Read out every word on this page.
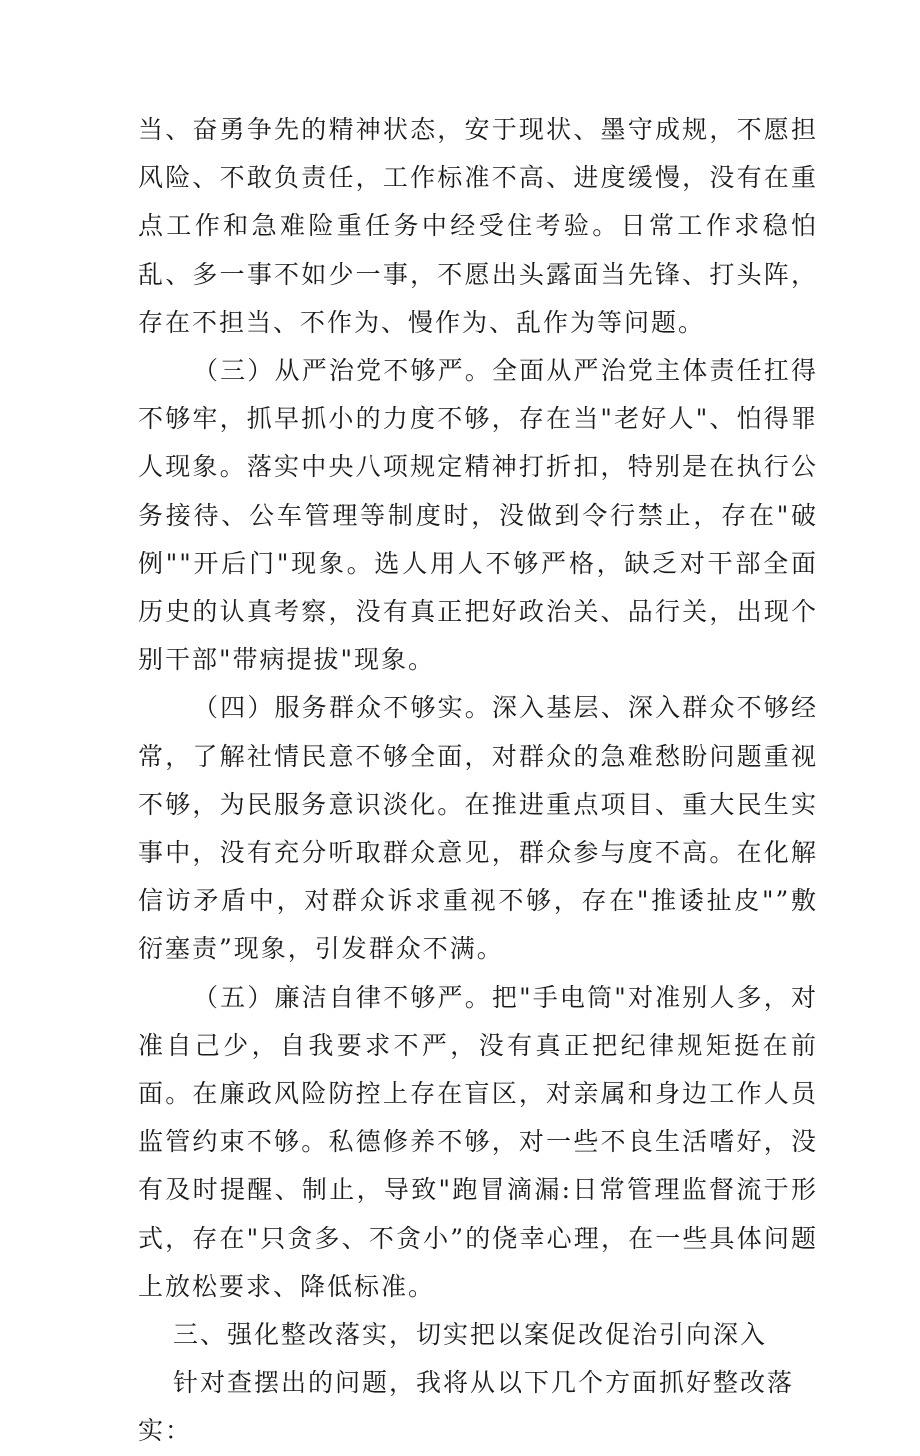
当、奋勇争先的精神状态，安于现状、墨守成规，不愿担风险、不敢负责任，工作标准不高、进度缓慢，没有在重点工作和急难险重任务中经受住考验。日常工作求稳怕乱、多一事不如少一事，不愿出头露面当先锋、打头阵，存在不担当、不作为、慢作为、乱作为等问题。

（三）从严治党不够严。全面从严治党主体责任扛得不够牢，抓早抓小的力度不够，存在当"老好人"、怕得罪人现象。落实中央八项规定精神打折扣，特别是在执行公务接待、公车管理等制度时，没做到令行禁止，存在"破例""开后门"现象。选人用人不够严格，缺乏对干部全面历史的认真考察，没有真正把好政治关、品行关，出现个别干部"带病提拔"现象。

（四）服务群众不够实。深入基层、深入群众不够经常，了解社情民意不够全面，对群众的急难愁盼问题重视不够，为民服务意识淡化。在推进重点项目、重大民生实事中，没有充分听取群众意见，群众参与度不高。在化解信访矛盾中，对群众诉求重视不够，存在"推诿扯皮"”敷衍塞责”现象，引发群众不满。

（五）廉洁自律不够严。把"手电筒"对准别人多，对准自己少，自我要求不严，没有真正把纪律规矩挺在前面。在廉政风险防控上存在盲区，对亲属和身边工作人员监管约束不够。私德修养不够，对一些不良生活嗜好，没有及时提醒、制止，导致"跑冒滴漏:日常管理监督流于形式，存在"只贪多、不贪小”的侥幸心理，在一些具体问题上放松要求、降低标准。

三、强化整改落实，切实把以案促改促治引向深入

针对查摆出的问题，我将从以下几个方面抓好整改落实：
